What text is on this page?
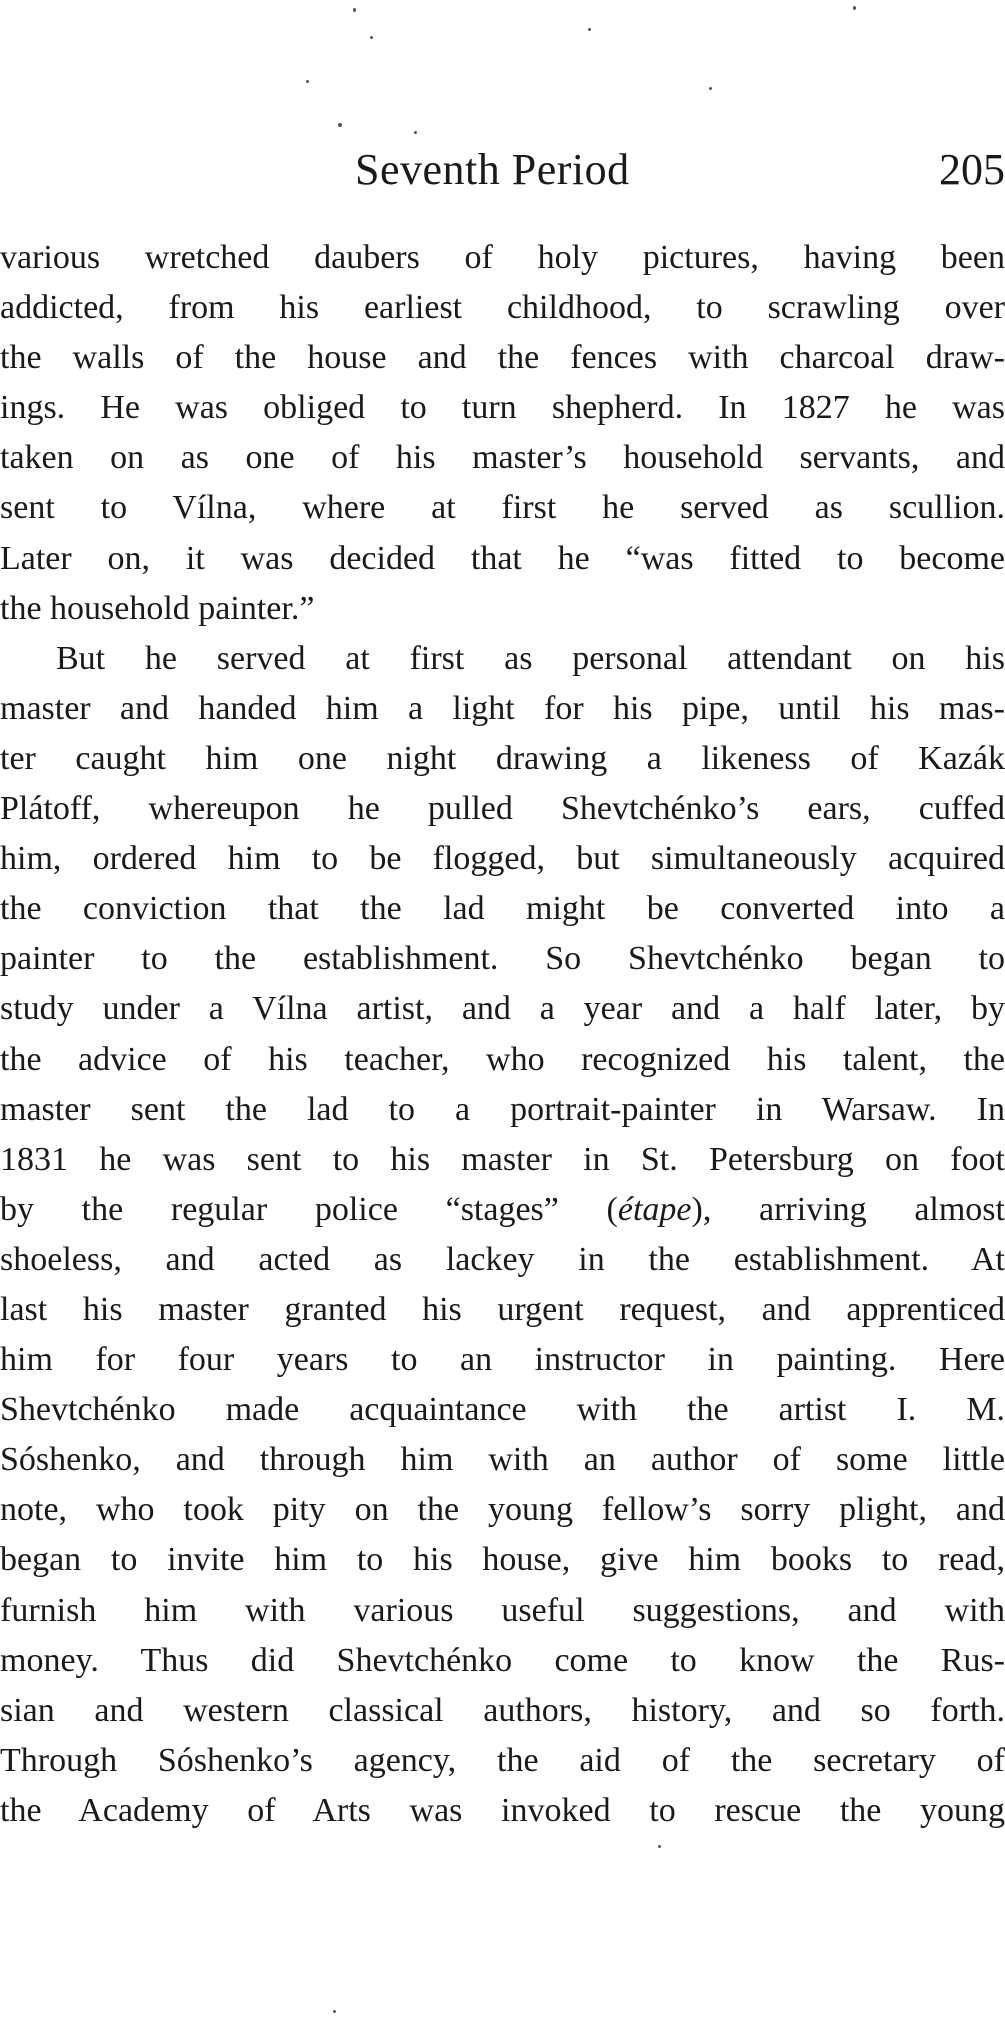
Seventh Period	205
various wretched daubers of holy pictures, having been
addicted, from his earliest childhood, to scrawling over
the walls of the house and the fences with charcoal draw-
ings. He was obliged to turn shepherd. In 1827 he was
taken on as one of his master’s household servants, and
sent to Vílna, where at first he served as scullion.
Later on, it was decided that he “was fitted to become
the household painter.”
But he served at first as personal attendant on his
master and handed him a light for his pipe, until his mas-
ter caught him one night drawing a likeness of Kazák
Plátoff, whereupon he pulled Shevtchénko’s ears, cuffed
him, ordered him to be flogged, but simultaneously acquired
the conviction that the lad might be converted into a
painter to the establishment. So Shevtchénko began to
study under a Vílna artist, and a year and a half later, by
the advice of his teacher, who recognized his talent, the
master sent the lad to a portrait-painter in Warsaw. In
1831 he was sent to his master in St. Petersburg on foot
by the regular police “stages” (étape), arriving almost
shoeless, and acted as lackey in the establishment. At
last his master granted his urgent request, and apprenticed
him for four years to an instructor in painting. Here
Shevtchénko made acquaintance with the artist I. M.
Sóshenko, and through him with an author of some little
note, who took pity on the young fellow’s sorry plight, and
began to invite him to his house, give him books to read,
furnish him with various useful suggestions, and with
money. Thus did Shevtchénko come to know the Rus-
sian and western classical authors, history, and so forth.
Through Sóshenko’s agency, the aid of the secretary of
the Academy of Arts was invoked to rescue the young
